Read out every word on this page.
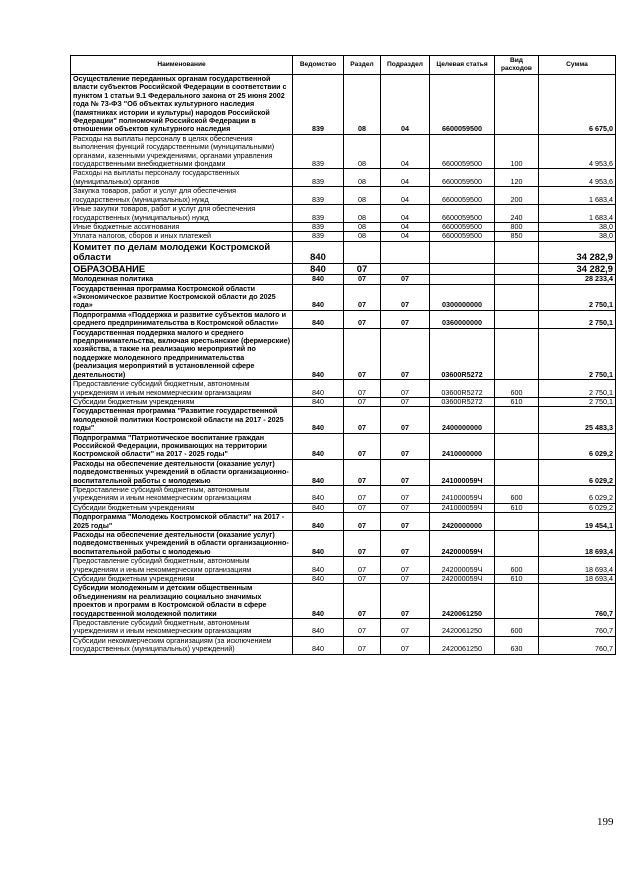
Наименование	Ведомство	Раздел	Подраздел	Целевая статья	Вид расходов	Сумма
Осуществление переданных органам государственной власти субъектов Российской Федерации в соответствии с пунктом 1 статьи 9.1 Федерального закона от 25 июня 2002 года № 73-ФЗ "Об объектах культурного наследия (памятниках истории и культуры) народов Российской Федерации" полномочий Российской Федерации в отношении объектов культурного наследия	839	08	04	6600059500		6 675,0
Расходы на выплаты персоналу в целях обеспечения выполнения функций государственными (муниципальными) органами, казенными учреждениями, органами управления государственными внебюджетными фондами	839	08	04	6600059500	100	4 953,6
Расходы на выплаты персоналу государственных (муниципальных) органов	839	08	04	6600059500	120	4 953,6
Закупка товаров, работ и услуг для обеспечения государственных (муниципальных) нужд	839	08	04	6600059500	200	1 683,4
Иные закупки товаров, работ и услуг для обеспечения государственных (муниципальных) нужд	839	08	04	6600059500	240	1 683,4
Иные бюджетные ассигнования	839	08	04	6600059500	800	38,0
Уплата налогов, сборов и иных платежей	839	08	04	6600059500	850	38,0
Комитет по делам молодежи Костромской области	840					34 282,9
ОБРАЗОВАНИЕ	840	07				34 282,9
Молодежная политика	840	07	07			28 233,4
Государственная программа Костромской области «Экономическое развитие Костромской области до 2025 года»	840	07	07	0300000000		2 750,1
Подпрограмма «Поддержка и развитие субъектов малого и среднего предпринимательства в Костромской области»	840	07	07	0360000000		2 750,1
Государственная поддержка малого и среднего предпринимательства, включая крестьянские (фермерские) хозяйства, а также на реализацию мероприятий по поддержке молодежного предпринимательства (реализация мероприятий в установленной сфере деятельности)	840	07	07	03600R5272		2 750,1
Предоставление субсидий бюджетным, автономным учреждениям и иным некоммерческим организациям	840	07	07	03600R5272	600	2 750,1
Субсидии бюджетным учреждениям	840	07	07	03600R5272	610	2 750,1
Государственная программа "Развитие государственной молодежной политики Костромской области на 2017 - 2025 годы"	840	07	07	2400000000		25 483,3
Подпрограмма "Патриотическое воспитание граждан Российской Федерации, проживающих на территории Костромской области" на 2017 - 2025 годы"	840	07	07	2410000000		6 029,2
Расходы на обеспечение деятельности (оказание услуг) подведомственных учреждений в области организационно-воспитательной работы с молодежью	840	07	07	241000059Ч		6 029,2
Предоставление субсидий бюджетным, автономным учреждениям и иным некоммерческим организациям	840	07	07	241000059Ч	600	6 029,2
Субсидии бюджетным учреждениям	840	07	07	241000059Ч	610	6 029,2
Подпрограмма "Молодежь Костромской области" на 2017 - 2025 годы"	840	07	07	2420000000		19 454,1
Расходы на обеспечение деятельности (оказание услуг) подведомственных учреждений в области организационно-воспитательной работы с молодежью	840	07	07	242000059Ч		18 693,4
Предоставление субсидий бюджетным, автономным учреждениям и иным некоммерческим организациям	840	07	07	242000059Ч	600	18 693,4
Субсидии бюджетным учреждениям	840	07	07	242000059Ч	610	18 693,4
Субсидии молодежным и детским общественным объединениям на реализацию социально значимых проектов и программ в Костромской области в сфере государственной молодежной политики	840	07	07	2420061250		760,7
Предоставление субсидий бюджетным, автономным учреждениям и иным некоммерческим организациям	840	07	07	2420061250	600	760,7
Субсидии некоммерческим организациям (за исключением государственных (муниципальных) учреждений)	840	07	07	2420061250	630	760,7
199
